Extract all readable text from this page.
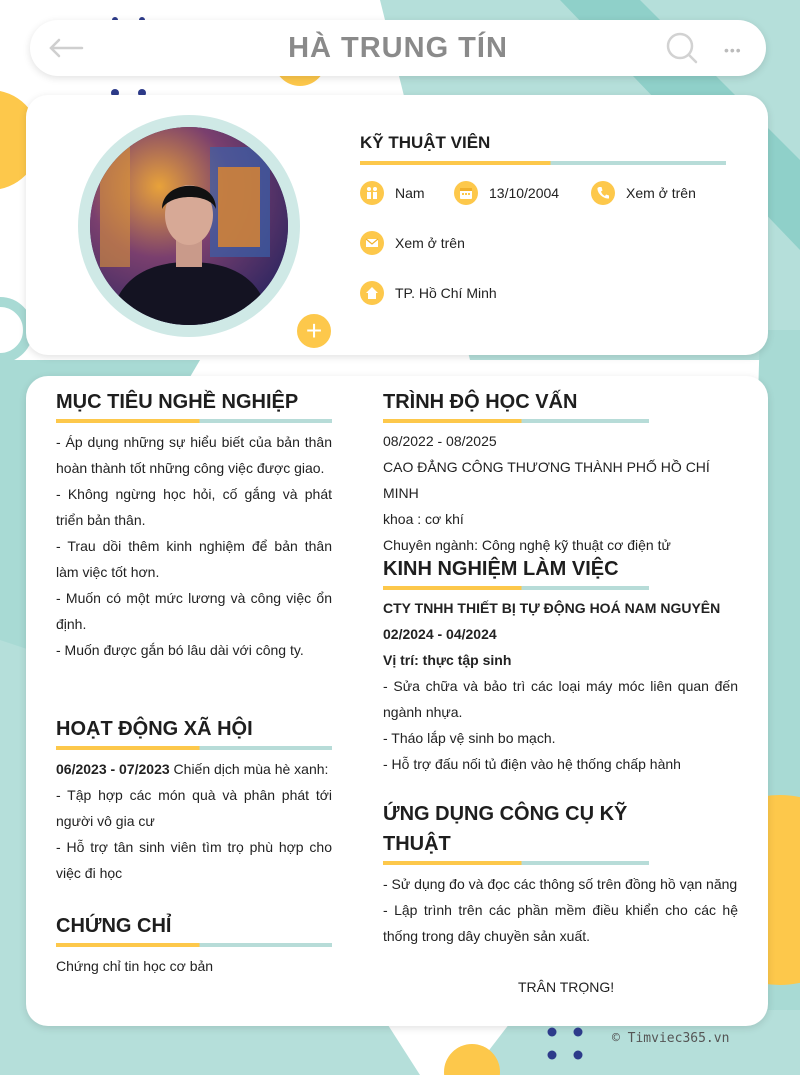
HÀ TRUNG TÍN	•••
+
KỸ THUẬT VIÊN
Nam	13/10/2004	Xem ở trên
Xem ở trên
TP. Hồ Chí Minh
MỤC TIÊU NGHỀ NGHIỆP
- Áp dụng những sự hiểu biết của bản thân hoàn thành tốt những công việc được giao.
- Không ngừng học hỏi, cố gắng và phát triển bản thân.
- Trau dồi thêm kinh nghiệm để bản thân làm việc tốt hơn.
- Muốn có một mức lương và công việc ổn định.
- Muốn được gắn bó lâu dài với công ty.
HOẠT ĐỘNG XÃ HỘI
06/2023 - 07/2023 Chiến dịch mùa hè xanh:
- Tập hợp các món quà và phân phát tới người vô gia cư
- Hỗ trợ tân sinh viên tìm trọ phù hợp cho việc đi học
CHỨNG CHỈ
Chứng chỉ tin học cơ bản
TRÌNH ĐỘ HỌC VẤN
08/2022 - 08/2025
CAO ĐẲNG CÔNG THƯƠNG THÀNH PHỐ HỒ CHÍ MINH
khoa : cơ khí
Chuyên ngành: Công nghệ kỹ thuật cơ điện tử
KINH NGHIỆM LÀM VIỆC
CTY TNHH THIẾT BỊ TỰ ĐỘNG HOÁ NAM NGUYÊN
02/2024 - 04/2024
Vị trí: thực tập sinh
- Sửa chữa và bảo trì các loại máy móc liên quan đến ngành nhựa.
- Tháo lắp vệ sinh bo mạch.
- Hỗ trợ đấu nối tủ điện vào hệ thống chấp hành
ỨNG DỤNG CÔNG CỤ KỸ
THUẬT
- Sử dụng đo và đọc các thông số trên đồng hồ vạn năng
- Lập trình trên các phần mềm điều khiển cho các hệ thống trong dây chuyền sản xuất.
TRÂN TRỌNG!
© Timviec365.vn
